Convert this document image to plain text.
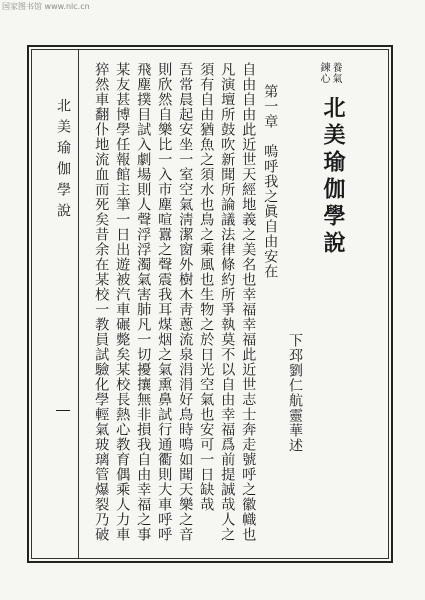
国家图书馆 www.nlc.cn
北美瑜伽學說 猝然車翻仆地流血而死矣昔余在某校一教員試驗化學輕氣玻璃管爆裂乃破 某友甚博學任報館主筆一日出遊被汽車碾斃矣某校長熱心教育偶乘人力車 飛塵撲目試入劇場則人聲浮浮濁氣害肺凡一切擾攘無非損我自由幸福之事 則欣然自樂比一入市塵喧囂之聲震我耳煤烟之氣熏鼻試行通衢則大車呼呼 吾常晨起安坐一室空氣淸潔窗外樹木靑蔥流泉涓涓好鳥時鳴如聞天樂之音 須有自由猶魚之須水也鳥之乘風也生物之於日光空氣也安可一日缺哉 凡演壇所鼓吹新聞所論議法律條約所爭執莫不以自由幸福爲前提誠哉人之 自由自由此近世天經地義之美名也幸福幸福此近世志士奔走號呼之徽幟也 第一章　嗚呼我之眞自由安在
下邳劉仁航靈華述
鍊心 養氣
北美瑜伽學說
